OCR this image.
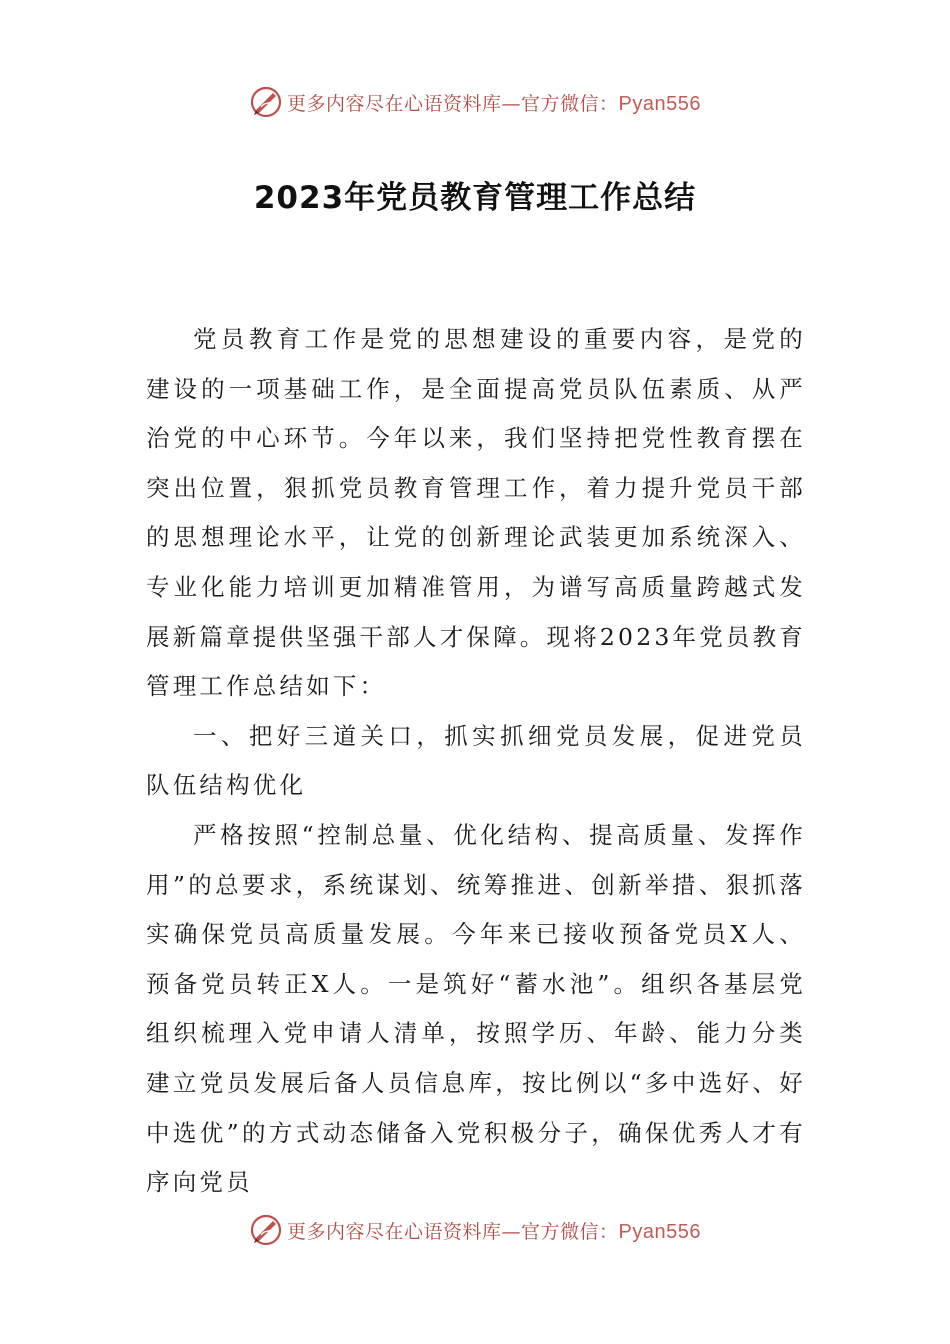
更多内容尽在心语资料库—官方微信：Pyan556
2023年党员教育管理工作总结

党员教育工作是党的思想建设的重要内容，是党的建设的一项基础工作，是全面提高党员队伍素质、从严治党的中心环节。今年以来，我们坚持把党性教育摆在突出位置，狠抓党员教育管理工作，着力提升党员干部的思想理论水平，让党的创新理论武装更加系统深入、专业化能力培训更加精准管用，为谱写高质量跨越式发展新篇章提供坚强干部人才保障。现将2023年党员教育管理工作总结如下：

一、把好三道关口，抓实抓细党员发展，促进党员队伍结构优化

严格按照“控制总量、优化结构、提高质量、发挥作用”的总要求，系统谋划、统筹推进、创新举措、狠抓落实确保党员高质量发展。今年来已接收预备党员X人、预备党员转正X人。一是筑好“蓄水池”。组织各基层党组织梳理入党申请人清单，按照学历、年龄、能力分类建立党员发展后备人员信息库，按比例以“多中选好、好中选优”的方式动态储备入党积极分子，确保优秀人才有序向党员

更多内容尽在心语资料库—官方微信：Pyan556
